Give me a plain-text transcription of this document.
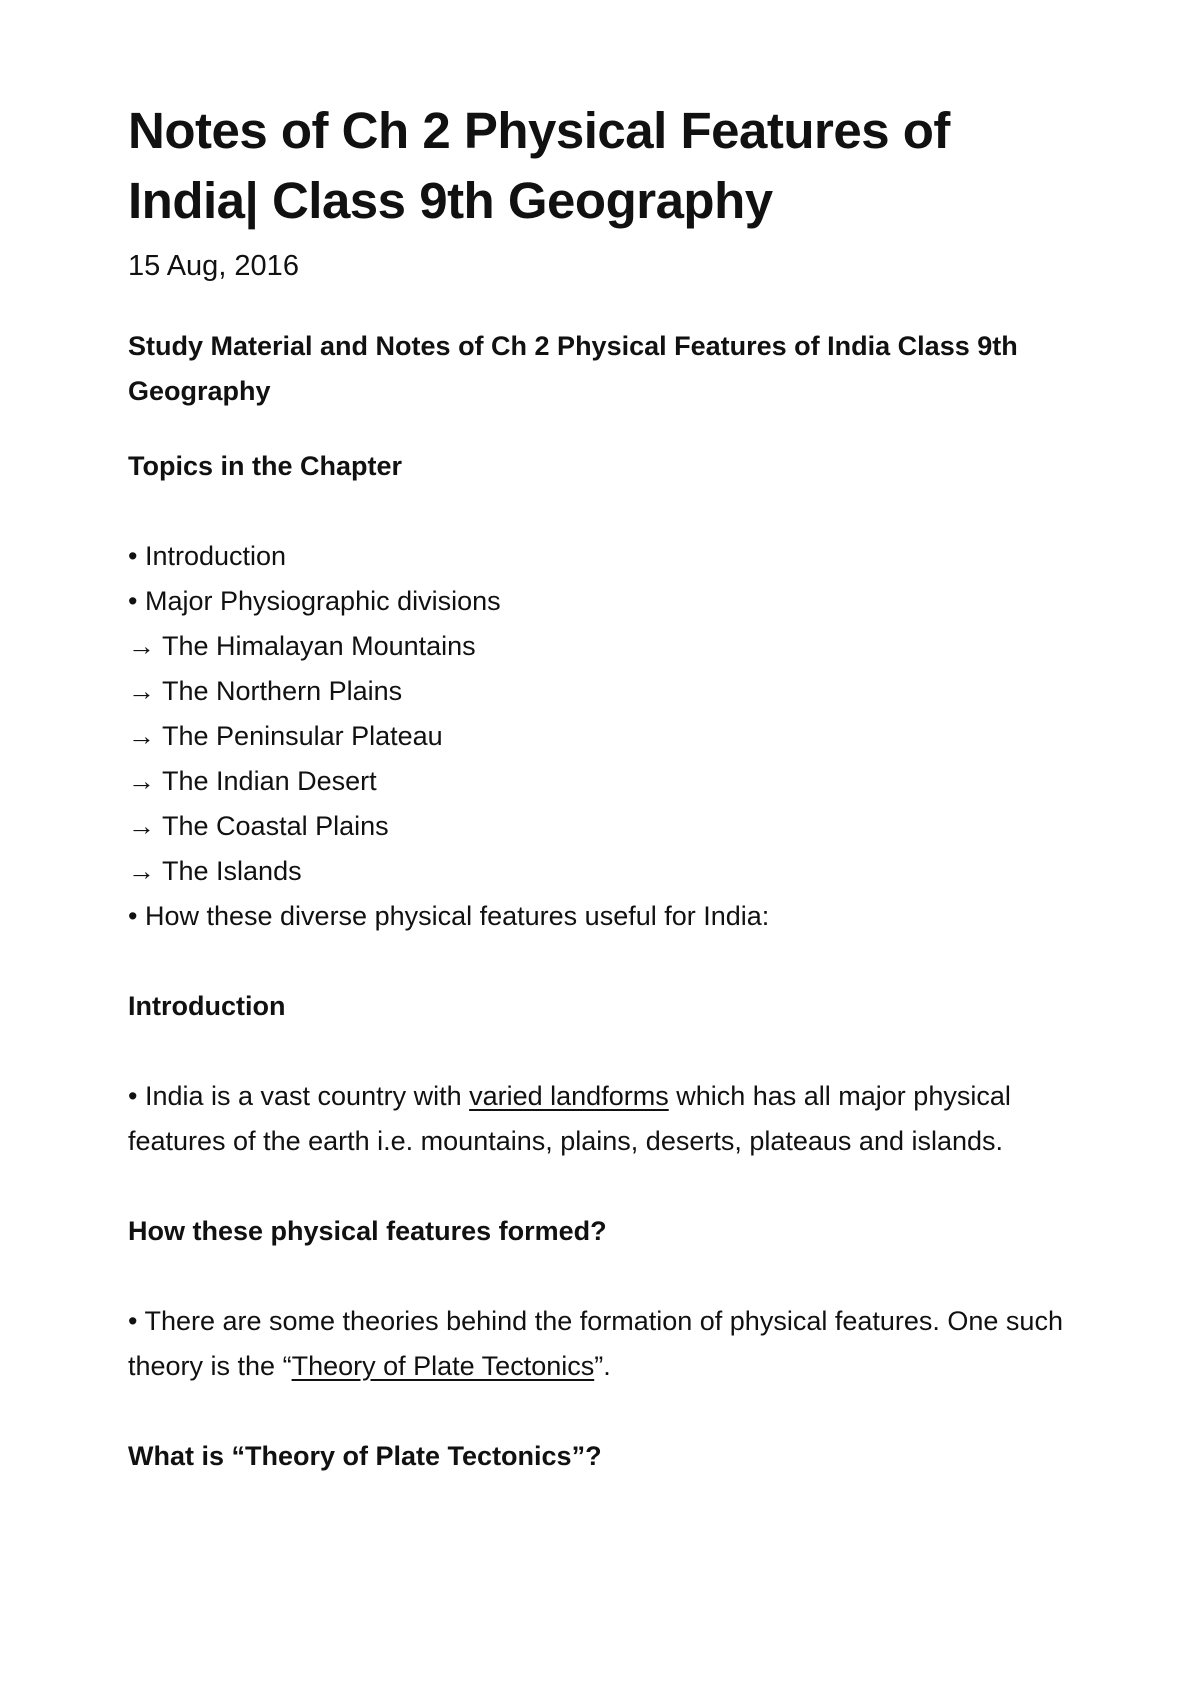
Notes of Ch 2 Physical Features of India| Class 9th Geography
15 Aug, 2016
Study Material and Notes of Ch 2 Physical Features of India Class 9th Geography
Topics in the Chapter
• Introduction
• Major Physiographic divisions
→ The Himalayan Mountains
→ The Northern Plains
→ The Peninsular Plateau
→ The Indian Desert
→ The Coastal Plains
→ The Islands
• How these diverse physical features useful for India:
Introduction

• India is a vast country with varied landforms which has all major physical features of the earth i.e. mountains, plains, deserts, plateaus and islands.

How these physical features formed?

• There are some theories behind the formation of physical features. One such theory is the “Theory of Plate Tectonics”.

What is “Theory of Plate Tectonics”?
